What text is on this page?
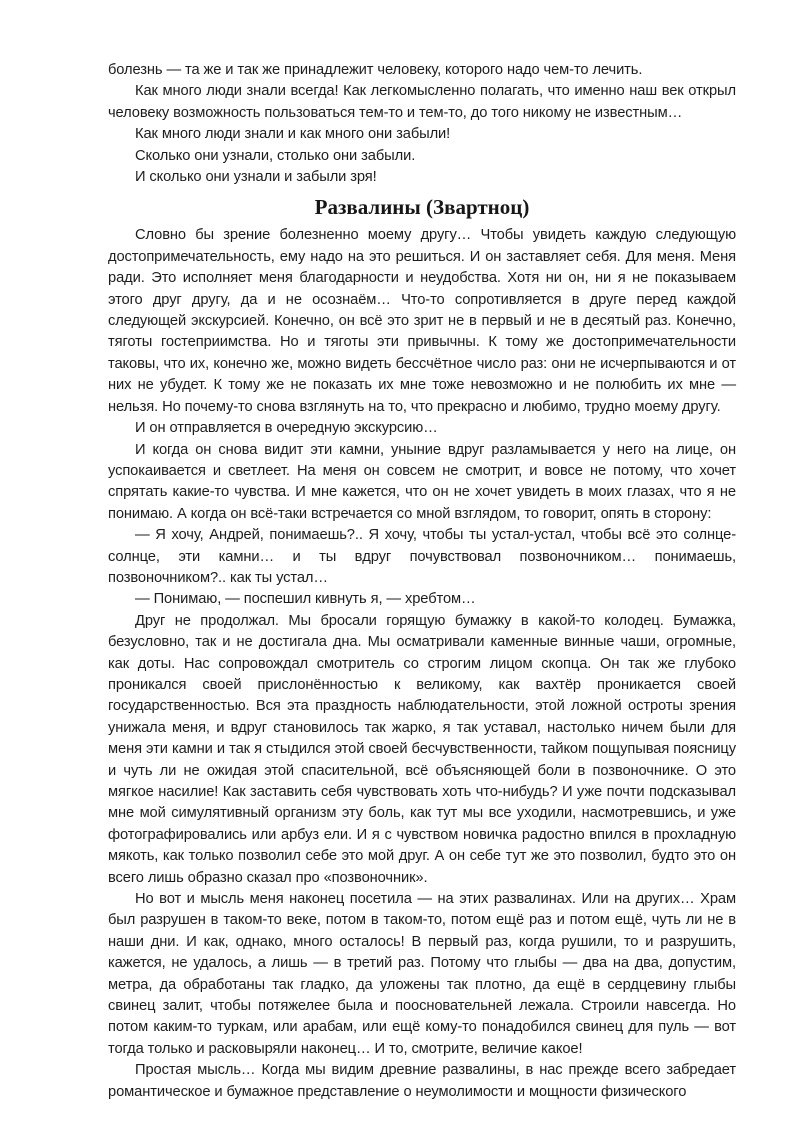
болезнь — та же и так же принадлежит человеку, которого надо чем-то лечить.

Как много люди знали всегда! Как легкомысленно полагать, что именно наш век открыл человеку возможность пользоваться тем-то и тем-то, до того никому не известным…

Как много люди знали и как много они забыли!

Сколько они узнали, столько они забыли.

И сколько они узнали и забыли зря!

Развалины (Звартноц)

Словно бы зрение болезненно моему другу… Чтобы увидеть каждую следующую достопримечательность, ему надо на это решиться. И он заставляет себя. Для меня. Меня ради. Это исполняет меня благодарности и неудобства. Хотя ни он, ни я не показываем этого друг другу, да и не осознаём… Что-то сопротивляется в друге перед каждой следующей экскурсией. Конечно, он всё это зрит не в первый и не в десятый раз. Конечно, тяготы гостеприимства. Но и тяготы эти привычны. К тому же достопримечательности таковы, что их, конечно же, можно видеть бессчётное число раз: они не исчерпываются и от них не убудет. К тому же не показать их мне тоже невозможно и не полюбить их мне — нельзя. Но почему-то снова взглянуть на то, что прекрасно и любимо, трудно моему другу.

И он отправляется в очередную экскурсию…

И когда он снова видит эти камни, уныние вдруг разламывается у него на лице, он успокаивается и светлеет. На меня он совсем не смотрит, и вовсе не потому, что хочет спрятать какие-то чувства. И мне кажется, что он не хочет увидеть в моих глазах, что я не понимаю. А когда он всё-таки встречается со мной взглядом, то говорит, опять в сторону:

— Я хочу, Андрей, понимаешь?.. Я хочу, чтобы ты устал-устал, чтобы всё это солнце-солнце, эти камни… и ты вдруг почувствовал позвоночником… понимаешь, позвоночником?.. как ты устал…

— Понимаю, — поспешил кивнуть я, — хребтом…

Друг не продолжал. Мы бросали горящую бумажку в какой-то колодец. Бумажка, безусловно, так и не достигала дна. Мы осматривали каменные винные чаши, огромные, как доты. Нас сопровождал смотритель со строгим лицом скопца. Он так же глубоко проникался своей прислонённостью к великому, как вахтёр проникается своей государственностью. Вся эта праздность наблюдательности, этой ложной остроты зрения унижала меня, и вдруг становилось так жарко, я так уставал, настолько ничем были для меня эти камни и так я стыдился этой своей бесчувственности, тайком пощупывая поясницу и чуть ли не ожидая этой спасительной, всё объясняющей боли в позвоночнике. О это мягкое насилие! Как заставить себя чувствовать хоть что-нибудь? И уже почти подсказывал мне мой симулятивный организм эту боль, как тут мы все уходили, насмотревшись, и уже фотографировались или арбуз ели. И я с чувством новичка радостно впился в прохладную мякоть, как только позволил себе это мой друг. А он себе тут же это позволил, будто это он всего лишь образно сказал про «позвоночник».

Но вот и мысль меня наконец посетила — на этих развалинах. Или на других… Храм был разрушен в таком-то веке, потом в таком-то, потом ещё раз и потом ещё, чуть ли не в наши дни. И как, однако, много осталось! В первый раз, когда рушили, то и разрушить, кажется, не удалось, а лишь — в третий раз. Потому что глыбы — два на два, допустим, метра, да обработаны так гладко, да уложены так плотно, да ещё в сердцевину глыбы свинец залит, чтобы потяжелее была и поосновательней лежала. Строили навсегда. Но потом каким-то туркам, или арабам, или ещё кому-то понадобился свинец для пуль — вот тогда только и расковыряли наконец… И то, смотрите, величие какое!

Простая мысль… Когда мы видим древние развалины, в нас прежде всего забредает романтическое и бумажное представление о неумолимости и мощности физического
